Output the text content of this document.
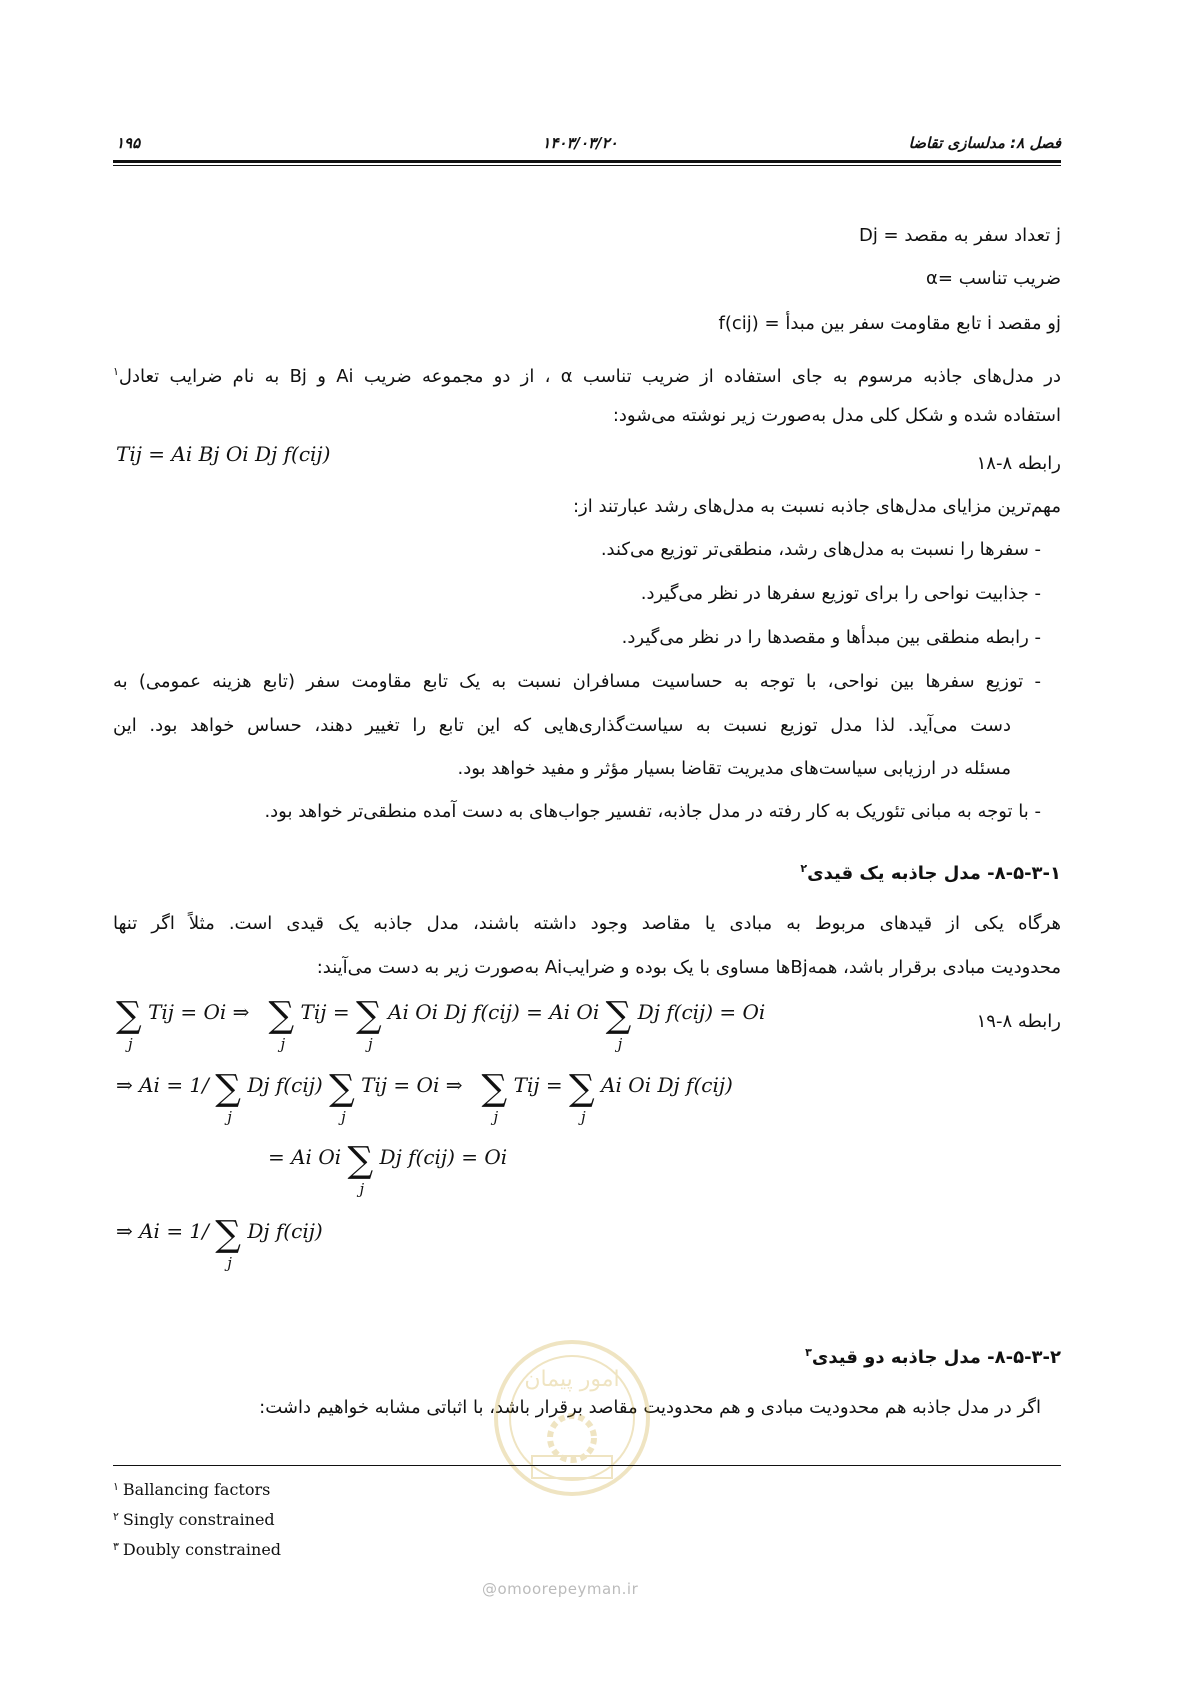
۱۹۵	۱۴۰۳/۰۳/۲۰	فصل ۸: مدلسازی تقاضا
Dj = تعداد سفر به مقصد j
α= ضریب تناسب
f(cij) = تابع مقاومت سفر بین مبدأ i و مقصدj
در مدل‌های جاذبه مرسوم به جای استفاده از ضریب تناسب α ، از دو مجموعه ضریب Ai و Bj به نام ضرایب تعادل$^۱$
استفاده شده و شکل کلی مدل به‌صورت زیر نوشته می‌شود:
رابطه ۸-۱۸
Tij = Ai Bj Oi Dj f(cij)
مهم‌ترین مزایای مدل‌های جاذبه نسبت به مدل‌های رشد عبارتند از:
- سفرها را نسبت به مدل‌های رشد، منطقی‌تر توزیع می‌کند.
- جذابیت نواحی را برای توزیع سفرها در نظر می‌گیرد.
- رابطه منطقی بین مبدأها و مقصدها را در نظر می‌گیرد.
- توزیع سفرها بین نواحی، با توجه به حساسیت مسافران نسبت به یک تابع مقاومت سفر (تابع هزینه عمومی) به
دست می‌آید. لذا مدل توزیع نسبت به سیاست‌گذاری‌هایی که این تابع را تغییر دهند، حساس خواهد بود. این
مسئله در ارزیابی سیاست‌های مدیریت تقاضا بسیار مؤثر و مفید خواهد بود.
- با توجه به مبانی تئوریک به کار رفته در مدل جاذبه، تفسیر جواب‌های به دست آمده منطقی‌تر خواهد بود.
۸-۵-۳-۱- مدل جاذبه یک قیدی$^۲$
هرگاه یکی از قیدهای مربوط به مبادی یا مقاصد وجود داشته باشند، مدل جاذبه یک قیدی است. مثلاً اگر تنها
محدودیت مبادی برقرار باشد، همهBjها مساوی با یک بوده و ضرایبAi به‌صورت زیر به دست می‌آیند:
رابطه ۸-۱۹
∑
j
Tij = Oi ⇒ ∑
j
Tij = ∑
j
Ai Oi Dj f(cij) = Ai Oi ∑
j
Dj f(cij) = Oi
⇒ Ai = 1/ ∑
j
Dj f(cij) ∑
j
Tij = Oi ⇒ ∑
j
Tij = ∑
j
Ai Oi Dj f(cij)
= Ai Oi ∑
j
Dj f(cij) = Oi
⇒ Ai = 1/ ∑
j
Dj f(cij)
۸-۵-۳-۲- مدل جاذبه دو قیدی$^۳$
اگر در مدل جاذبه هم محدودیت مبادی و هم محدودیت مقاصد برقرار باشد، با اثباتی مشابه خواهیم داشت:
امور پیمان
@omoorepeyman.ir
$^۱$ Ballancing factors
$^۲$ Singly constrained
$^۳$ Doubly constrained
